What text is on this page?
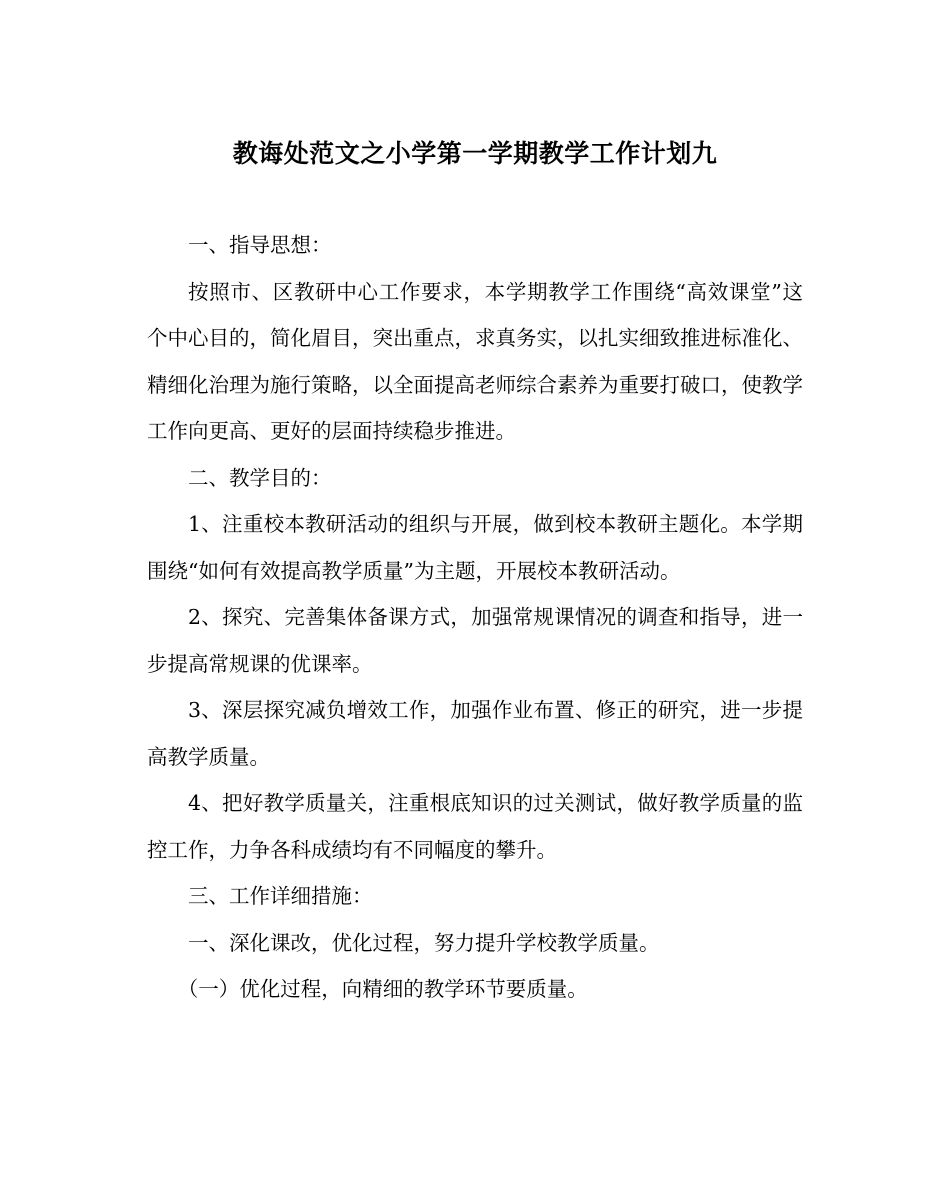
教诲处范文之小学第一学期教学工作计划九

一、指导思想：

按照市、区教研中心工作要求，本学期教学工作围绕“高效课堂”这个中心目的，简化眉目，突出重点，求真务实，以扎实细致推进标准化、精细化治理为施行策略，以全面提高老师综合素养为重要打破口，使教学工作向更高、更好的层面持续稳步推进。

二、教学目的：

1、注重校本教研活动的组织与开展，做到校本教研主题化。本学期围绕“如何有效提高教学质量”为主题，开展校本教研活动。

2、探究、完善集体备课方式，加强常规课情况的调查和指导，进一步提高常规课的优课率。

3、深层探究减负增效工作，加强作业布置、修正的研究，进一步提高教学质量。

4、把好教学质量关，注重根底知识的过关测试，做好教学质量的监控工作，力争各科成绩均有不同幅度的攀升。

三、工作详细措施：

一、深化课改，优化过程，努力提升学校教学质量。

（一）优化过程，向精细的教学环节要质量。
